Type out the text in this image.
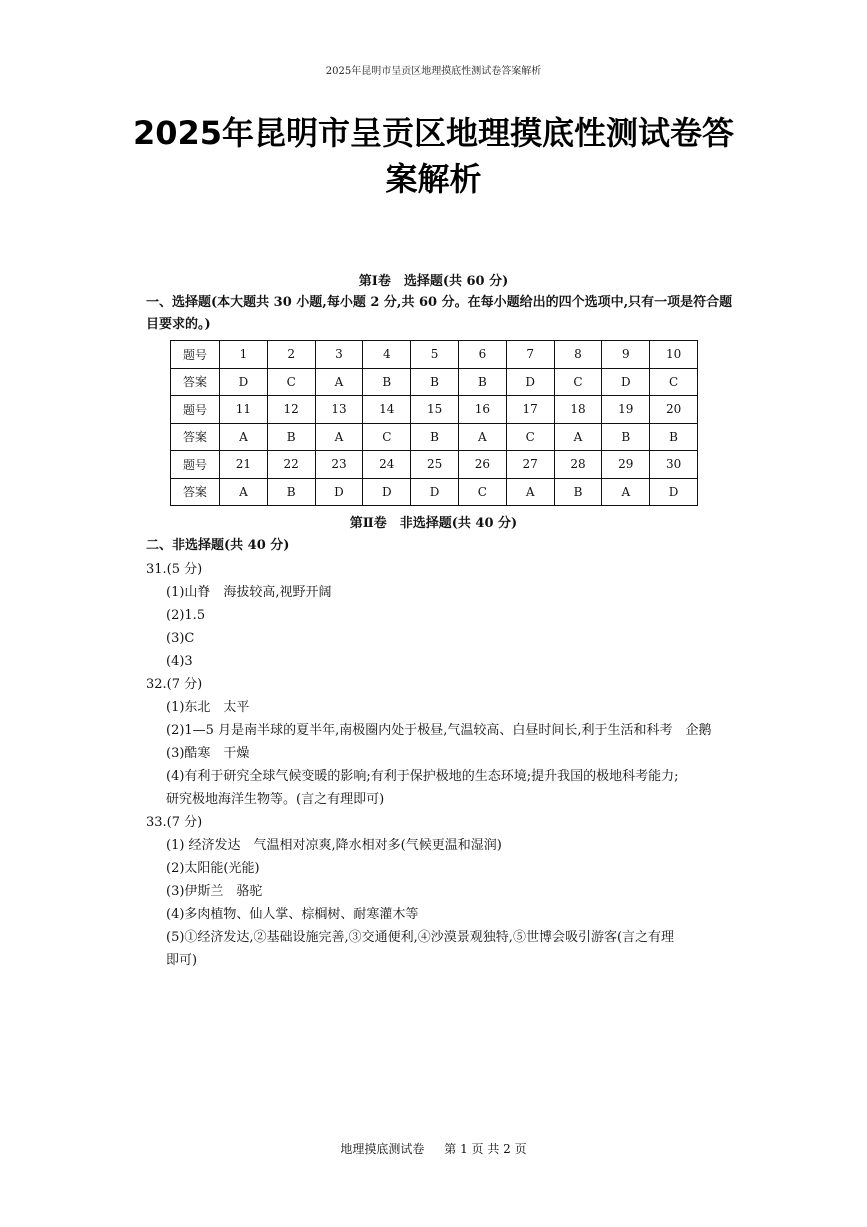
2025年昆明市呈贡区地理摸底性测试卷答案解析
2025年昆明市呈贡区地理摸底性测试卷答
案解析
第Ⅰ卷　选择题(共 60 分)
一、选择题(本大题共 30 小题,每小题 2 分,共 60 分。在每小题给出的四个选项中,只有一项是符合题目要求的。)
题号	1	2	3	4	5	6	7	8	9	10
答案	D	C	A	B	B	B	D	C	D	C
题号	11	12	13	14	15	16	17	18	19	20
答案	A	B	A	C	B	A	C	A	B	B
题号	21	22	23	24	25	26	27	28	29	30
答案	A	B	D	D	D	C	A	B	A	D
第Ⅱ卷　非选择题(共 40 分)
二、非选择题(共 40 分)
31.(5 分)
(1)山脊　海拔较高,视野开阔
(2)1.5
(3)C
(4)3
32.(7 分)
(1)东北　太平
(2)1—5 月是南半球的夏半年,南极圈内处于极昼,气温较高、白昼时间长,利于生活和科考　企鹅
(3)酷寒　干燥
(4)有利于研究全球气候变暖的影响;有利于保护极地的生态环境;提升我国的极地科考能力;
研究极地海洋生物等。(言之有理即可)
33.(7 分)
(1) 经济发达　气温相对凉爽,降水相对多(气候更温和湿润)
(2)太阳能(光能)
(3)伊斯兰　骆驼
(4)多肉植物、仙人掌、棕榈树、耐寒灌木等
(5)①经济发达,②基础设施完善,③交通便利,④沙漠景观独特,⑤世博会吸引游客(言之有理
即可)
地理摸底测试卷 第 1 页 共 2 页
